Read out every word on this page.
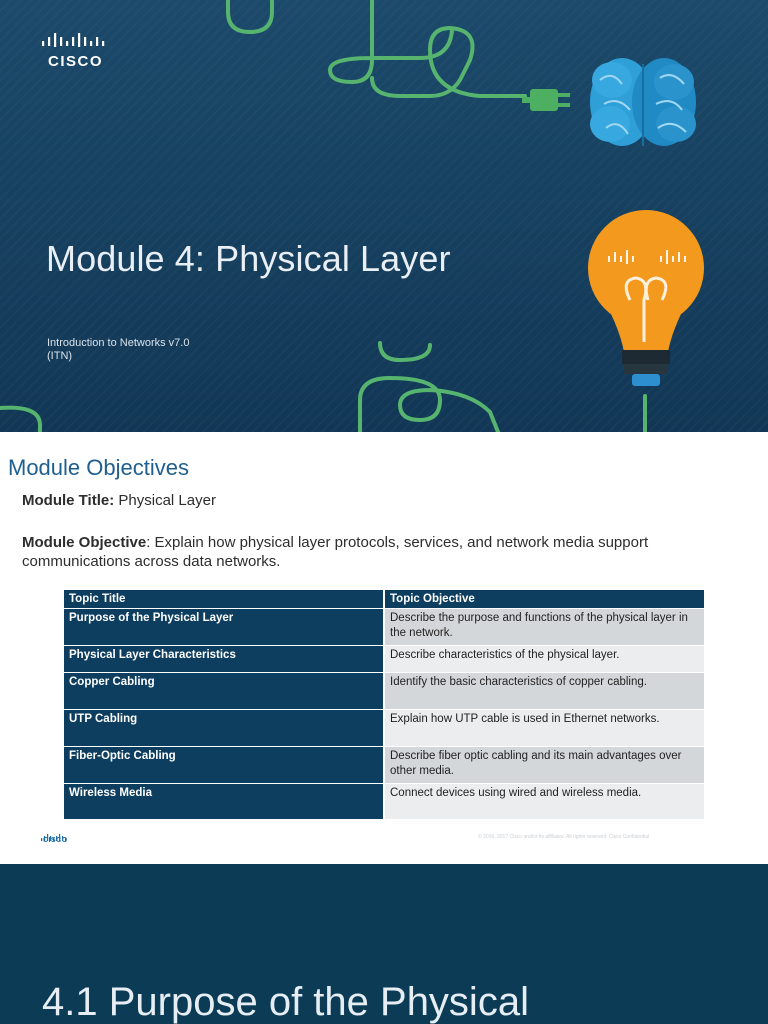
CISCO
Module 4: Physical Layer
Introduction to Networks v7.0
(ITN)
Module Objectives

Module Title: Physical Layer

Module Objective: Explain how physical layer protocols, services, and network media support communications across data networks.

Topic Title	Topic Objective
Purpose of the Physical Layer	Describe the purpose and functions of the physical layer in the network.
Physical Layer Characteristics	Describe characteristics of the physical layer.
Copper Cabling	Identify the basic characteristics of copper cabling.
UTP Cabling	Explain how UTP cable is used in Ethernet networks.
Fiber-Optic Cabling	Describe fiber optic cabling and its main advantages over other media.
Wireless Media	Connect devices using wired and wireless media.
CISCO	© 2016, 2017 Cisco and/or its affiliates. All rights reserved. Cisco Confidential
4.1 Purpose of the Physical
